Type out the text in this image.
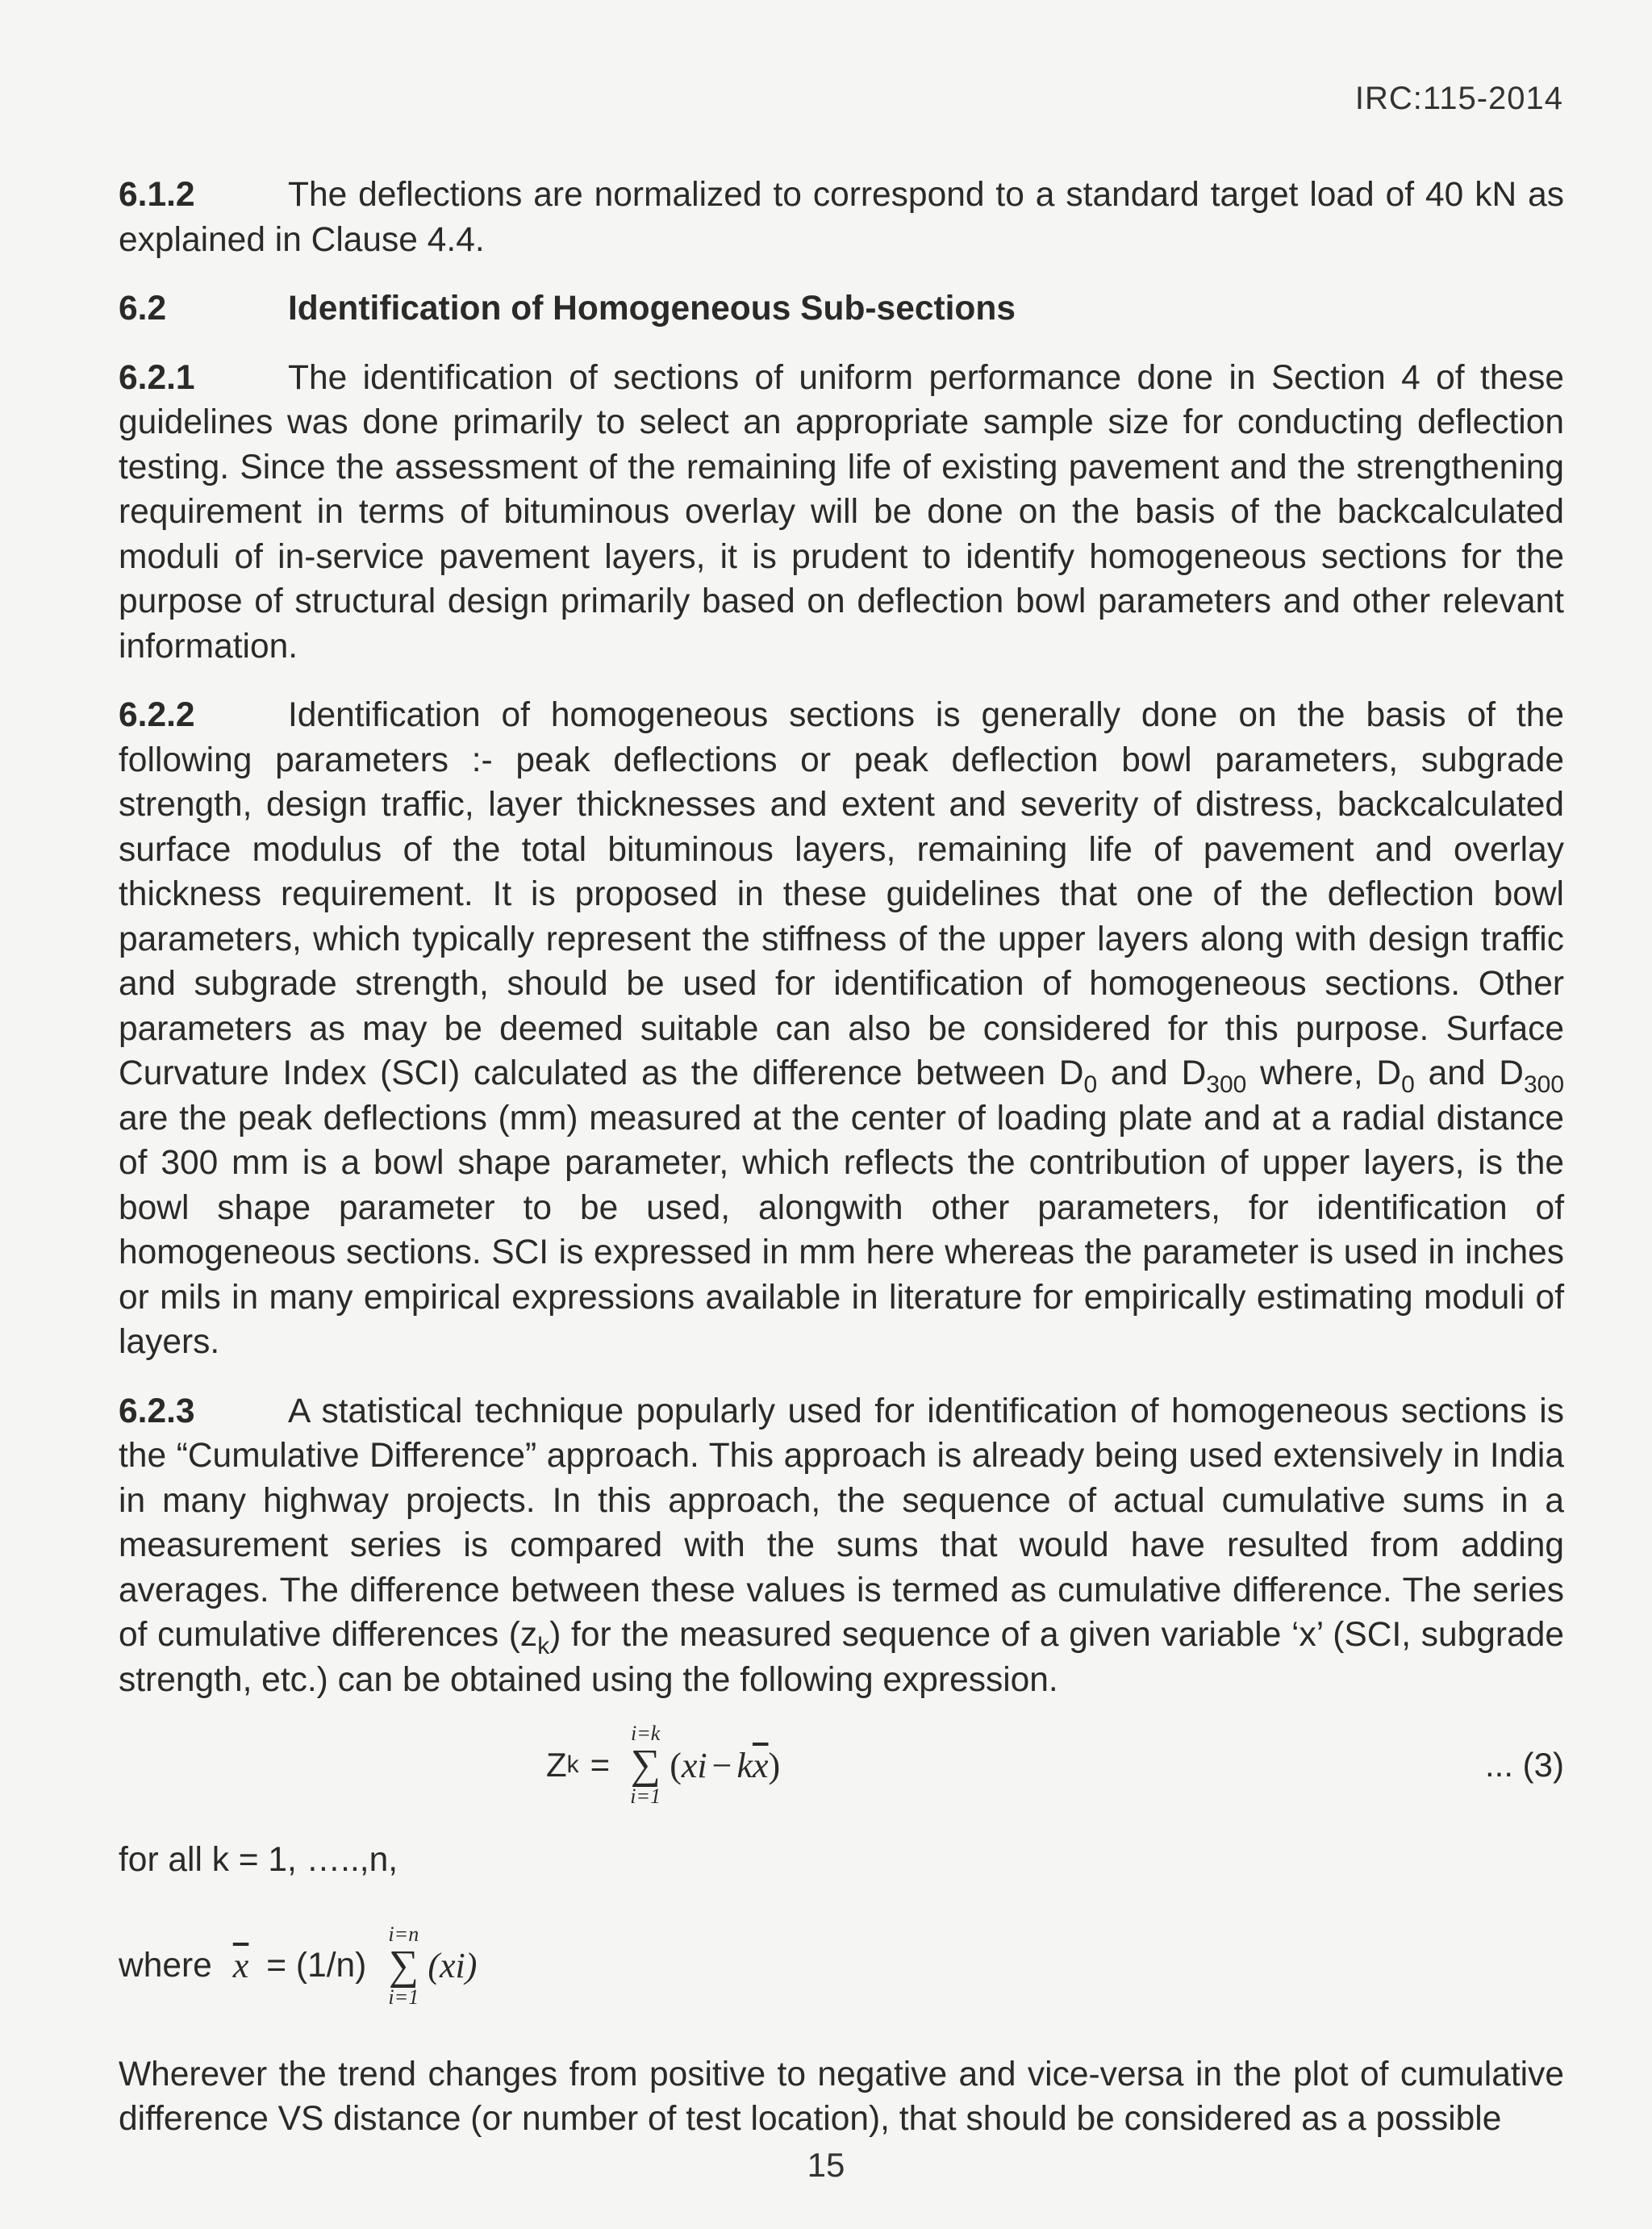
IRC:115-2014

6.1.2	The deflections are normalized to correspond to a standard target load of 40 kN as explained in Clause 4.4.

6.2	Identification of Homogeneous Sub-sections

6.2.1	The identification of sections of uniform performance done in Section 4 of these guidelines was done primarily to select an appropriate sample size for conducting deflection testing. Since the assessment of the remaining life of existing pavement and the strengthening requirement in terms of bituminous overlay will be done on the basis of the backcalculated moduli of in-service pavement layers, it is prudent to identify homogeneous sections for the purpose of structural design primarily based on deflection bowl parameters and other relevant information.

6.2.2	Identification of homogeneous sections is generally done on the basis of the following parameters :- peak deflections or peak deflection bowl parameters, subgrade strength, design traffic, layer thicknesses and extent and severity of distress, backcalculated surface modulus of the total bituminous layers, remaining life of pavement and overlay thickness requirement. It is proposed in these guidelines that one of the deflection bowl parameters, which typically represent the stiffness of the upper layers along with design traffic and subgrade strength, should be used for identification of homogeneous sections. Other parameters as may be deemed suitable can also be considered for this purpose. Surface Curvature Index (SCI) calculated as the difference between $D_0$ and $D_{300}$ where, $D_0$ and $D_{300}$ are the peak deflections (mm) measured at the center of loading plate and at a radial distance of 300 mm is a bowl shape parameter, which reflects the contribution of upper layers, is the bowl shape parameter to be used, alongwith other parameters, for identification of homogeneous sections. SCI is expressed in mm here whereas the parameter is used in inches or mils in many empirical expressions available in literature for empirically estimating moduli of layers.

6.2.3	A statistical technique popularly used for identification of homogeneous sections is the “Cumulative Difference” approach. This approach is already being used extensively in India in many highway projects. In this approach, the sequence of actual cumulative sums in a measurement series is compared with the sums that would have resulted from adding averages. The difference between these values is termed as cumulative difference. The series of cumulative differences $(z_k)$ for the measured sequence of a given variable ‘x’ (SCI, subgrade strength, etc.) can be obtained using the following expression.

Z k =
i=k
∑
i=1
$(xi - k\overline{x})$	... (3)
for all k = 1, …..,n,
where $\overline{x} = (1/n)$
i=n
∑
i=1
(xi)

Wherever the trend changes from positive to negative and vice-versa in the plot of cumulative difference VS distance (or number of test location), that should be considered as a possible

15
